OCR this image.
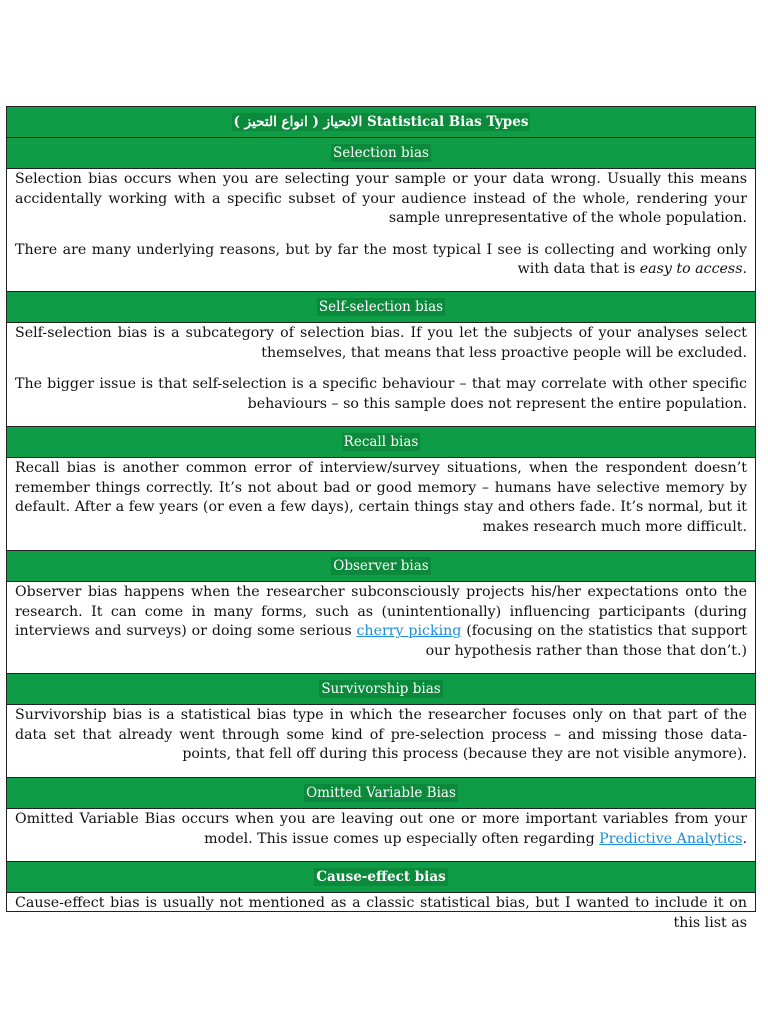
( انواع التحيز ) الانحياز Statistical Bias Types
Selection bias

Selection bias occurs when you are selecting your sample or your data wrong. Usually this means accidentally working with a specific subset of your audience instead of the whole, rendering your sample unrepresentative of the whole population.

There are many underlying reasons, but by far the most typical I see is collecting and working only with data that is easy to access.

Self-selection bias

Self-selection bias is a subcategory of selection bias. If you let the subjects of your analyses select themselves, that means that less proactive people will be excluded.

The bigger issue is that self-selection is a specific behaviour – that may correlate with other specific behaviours – so this sample does not represent the entire population.

Recall bias

Recall bias is another common error of interview/survey situations, when the respondent doesn’t remember things correctly. It’s not about bad or good memory – humans have selective memory by default. After a few years (or even a few days), certain things stay and others fade. It’s normal, but it makes research much more difficult.

Observer bias

Observer bias happens when the researcher subconsciously projects his/her expectations onto the research. It can come in many forms, such as (unintentionally) influencing participants (during interviews and surveys) or doing some serious cherry picking (focusing on the statistics that support our hypothesis rather than those that don’t.)

Survivorship bias

Survivorship bias is a statistical bias type in which the researcher focuses only on that part of the data set that already went through some kind of pre-selection process – and missing those data-points, that fell off during this process (because they are not visible anymore).

Omitted Variable Bias

Omitted Variable Bias occurs when you are leaving out one or more important variables from your model. This issue comes up especially often regarding Predictive Analytics.

Cause-effect bias

Cause-effect bias is usually not mentioned as a classic statistical bias, but I wanted to include it on this list as
